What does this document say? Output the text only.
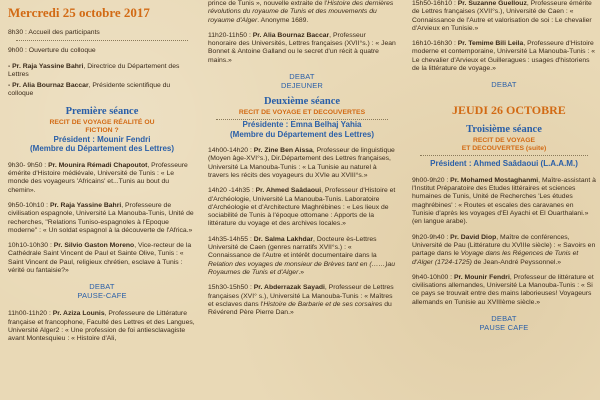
Mercredi 25 octobre 2017

8h30 : Accueil des participants

9h00 : Ouverture du colloque

- Pr. Raja Yassine Bahri, Directrice du Département des Lettres

- Pr. Alia Bournaz Baccar, Présidente scientifique du colloque

Première séance
RECIT DE VOYAGE RÉALITÉ OU FICTION ?
Président : Mounir Fendri
(Membre du Département des Lettres)

9h30- 9h50 : Pr. Mounira Rémadi Chapoutot, Professeure émérite d'Histoire médiévale, Université de Tunis : « Le monde des voyageurs 'Africains' et...Tunis au bout du chemin».

9h50-10h10 : Pr. Raja Yassine Bahri, Professeure de civilisation espagnole, Université La Manouba-Tunis, Unité de recherches, "Relations Tuniso-espagnoles à l'Epoque moderne" : « Un soldat espagnol à la découverte de l'Africa.»

10h10-10h30 : Pr. Silvio Gaston Moreno, Vice-recteur de la Cathédrale Saint Vincent de Paul et Sainte Olive, Tunis : « Saint Vincent de Paul, religieux chrétien, esclave à Tunis : vérité ou fantaisie?»

DEBAT
PAUSE-CAFE

11h00-11h20 : Pr. Aziza Lounis, Professeure de Littérature française et francophone, Faculté des Lettres et des Langues, Université Alger2 : « Une profession de foi antiesclavagiste avant Montesquieu : « Histoire d'Ali,

prince de Tunis », nouvelle extraite de l'Histoire des dernières révolutions du royaume de Tunis et des mouvements du royaume d'Alger. Anonyme 1689.

11h20-11h50 : Pr. Alia Bournaz Baccar, Professeur honoraire des Universités, Lettres françaises (XVII°s.) : « Jean Bonnet & Antoine Galland ou le secret d'un récit à quatre mains.»

DEBAT
DEJEUNER
Deuxième séance
RECIT DE VOYAGE ET DECOUVERTES
Présidente : Emna Belhaj Yahia
(Membre du Département des Lettres)

14h00-14h20 : Pr. Zine Ben Aissa, Professeur de linguistique (Moyen âge-XVI°s.), Dir.Département des Lettres françaises, Université La Manouba-Tunis : « La Tunisie au naturel à travers les récits des voyageurs du XVIe au XVIII°s.»

14h20 -14h35 : Pr. Ahmed Saâdaoui, Professeur d'Histoire et d'Archéologie, Université La Manouba-Tunis. Laboratoire d'Archéologie et d'Architecture Maghrébines : « Les lieux de sociabilité de Tunis à l'époque ottomane : Apports de la littérature du voyage et des archives locales.»

14h35-14h55 : Dr. Salma Lakhdar, Docteure ès-Lettres Université de Caen (genres narratifs XVII°s.) : « Connaissance de l'Autre et intérêt documentaire dans la Relation des voyages de monsieur de Brèves tant en (……)au Royaumes de Tunis et d'Alger.»

15h30-15h50 : Pr. Abderrazak Sayadi, Professeur de Lettres françaises (XVI° s.), Université La Manouba-Tunis : « Maîtres et esclaves dans l'Histoire de Barbarie et de ses corsaires du Révérend Père Pierre Dan.»

15h50-16h10 : Pr. Suzanne Guellouz, Professeure émérite de Lettres françaises (XVII°s.), Université de Caen : « Connaissance de l'Autre et valorisation de soi : Le chevalier d'Arvieux en Tunisie.»

16h10-16h30 : Pr. Temime Bili Leila, Professeure d'Histoire moderne et contemporaine, Université La Manouba-Tunis : « Le chevalier d'Arvieux et Guilleragues : usages d'historiens de la littérature de voyage.»

DEBAT
JEUDI 26 OCTOBRE
Troisième séance
RECIT DE VOYAGE
ET DECOUVERTES (suite)
Président : Ahmed Saâdaoui (L.A.A.M.)

9h00-9h20 : Pr. Mohamed Mostaghanmi, Maître-assistant à l'Institut Préparatoire des Etudes littéraires et sciences humaines de Tunis, Unité de Recherches 'Les études maghrébines' : « Routes et escales des caravanes en Tunisie d'après les voyages d'El Ayachi et El Ouarthalani.» (en langue arabe).

9h20-9h40 : Pr. David Diop, Maître de conférences, Université de Pau (Littérature du XVIIIe siècle) : « Savoirs en partage dans le Voyage dans les Régences de Tunis et d'Alger (1724-1725) de Jean-André Peyssonnel.»

9h40-10h00 : Pr. Mounir Fendri, Professeur de littérature et civilisations allemandes, Université La Manouba-Tunis : « Si ce pays se trouvait entre des mains laborieuses! Voyageurs allemands en Tunisie au XVIIIème siècle.»

DEBAT
PAUSE CAFE
